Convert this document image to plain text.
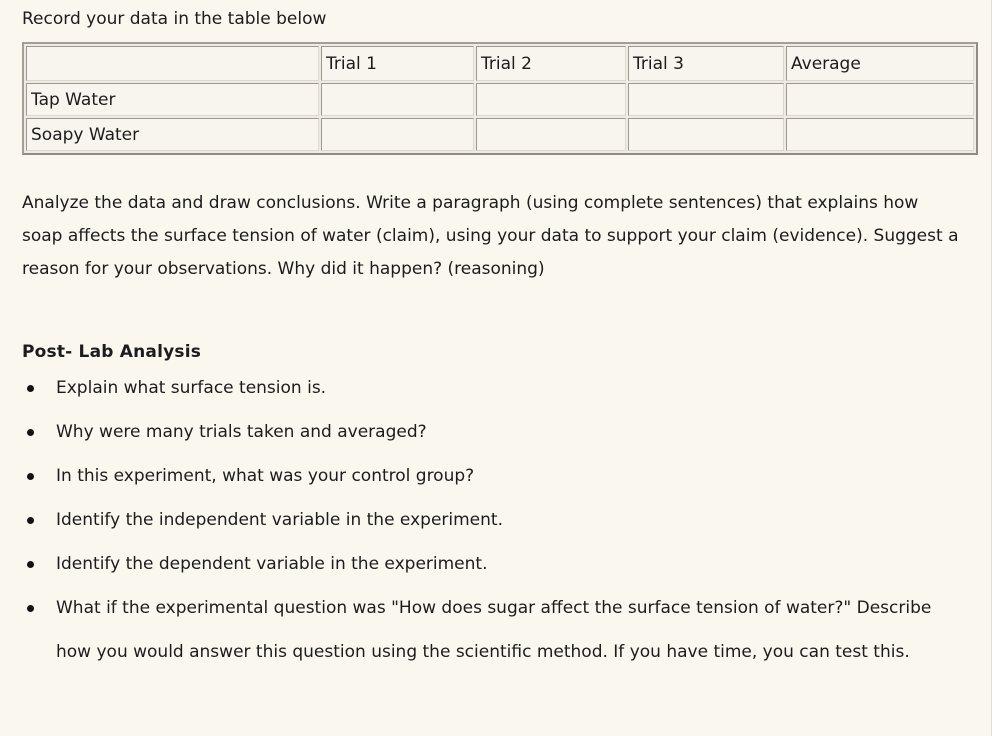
Record your data in the table below
	Trial 1	Trial 2	Trial 3	Average
Tap Water				
Soapy Water				
Analyze the data and draw conclusions. Write a paragraph (using complete sentences) that explains how soap affects the surface tension of water (claim), using your data to support your claim (evidence). Suggest a reason for your observations. Why did it happen? (reasoning)
Post- Lab Analysis
Explain what surface tension is.
Why were many trials taken and averaged?
In this experiment, what was your control group?
Identify the independent variable in the experiment.
Identify the dependent variable in the experiment.
What if the experimental question was "How does sugar affect the surface tension of water?" Describe how you would answer this question using the scientific method. If you have time, you can test this.
